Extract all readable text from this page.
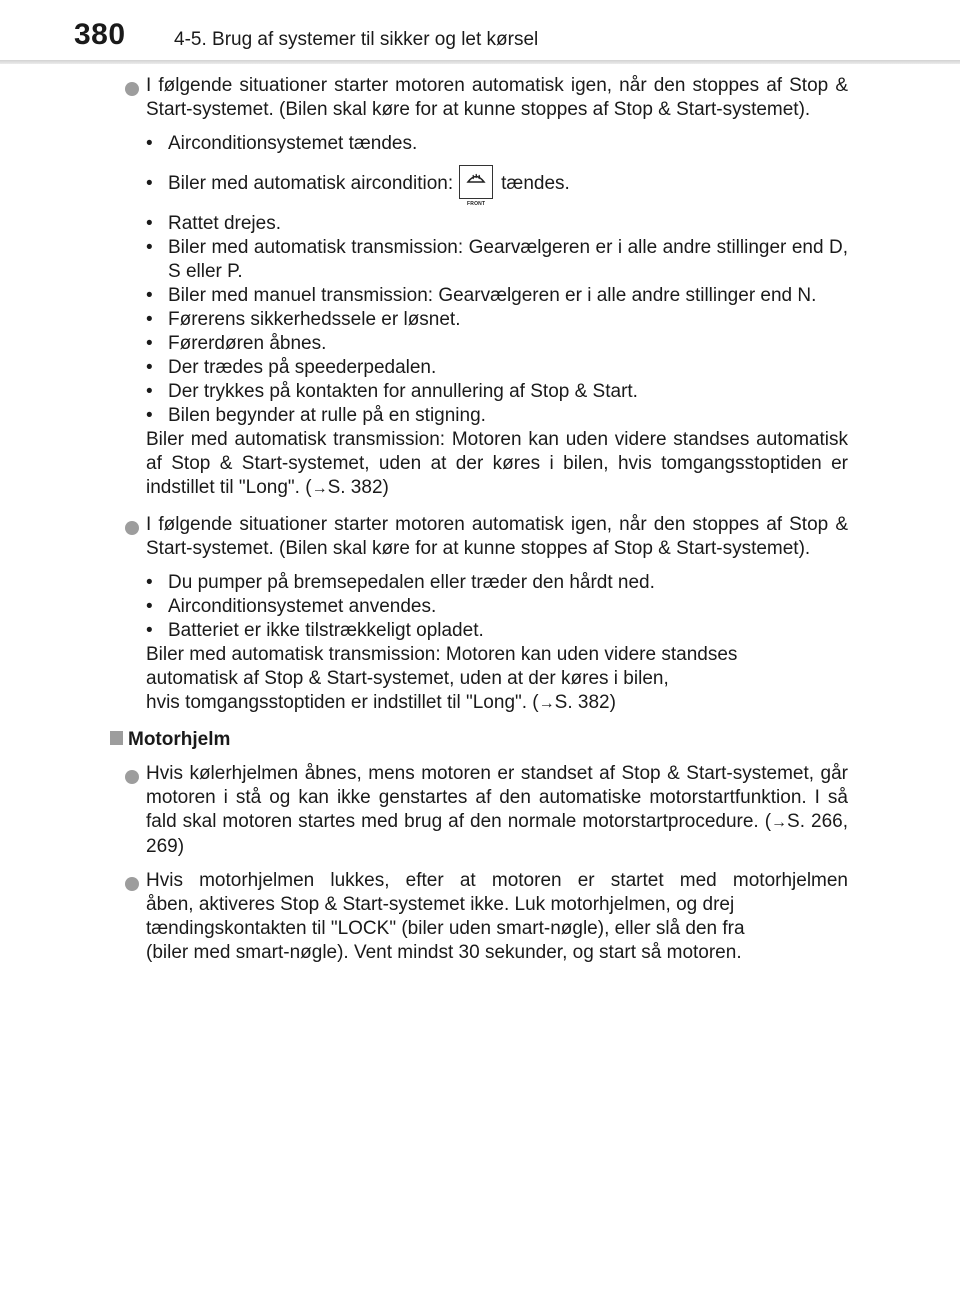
380	4-5. Brug af systemer til sikker og let kørsel
I følgende situationer starter motoren automatisk igen, når den stoppes af Stop & Start-systemet. (Bilen skal køre for at kunne stoppes af Stop & Start-systemet).
• Airconditionsystemet tændes.
• Biler med automatisk aircondition:
FRONT
tændes.
• Rattet drejes.
• Biler med automatisk transmission: Gearvælgeren er i alle andre stillinger end D, S eller P.
• Biler med manuel transmission: Gearvælgeren er i alle andre stillinger end N.
• Førerens sikkerhedssele er løsnet.
• Førerdøren åbnes.
• Der trædes på speederpedalen.
• Der trykkes på kontakten for annullering af Stop & Start.
• Bilen begynder at rulle på en stigning.
Biler med automatisk transmission: Motoren kan uden videre standses automatisk af Stop & Start-systemet, uden at der køres i bilen, hvis tomgangsstoptiden er indstillet til "Long". (→S. 382)
I følgende situationer starter motoren automatisk igen, når den stoppes af Stop & Start-systemet. (Bilen skal køre for at kunne stoppes af Stop & Start-systemet).
• Du pumper på bremsepedalen eller træder den hårdt ned.
• Airconditionsystemet anvendes.
• Batteriet er ikke tilstrækkeligt opladet.
Biler med automatisk transmission: Motoren kan uden videre standses
automatisk af Stop & Start-systemet, uden at der køres i bilen,
hvis tomgangsstoptiden er indstillet til "Long". (→S. 382)
Motorhjelm
Hvis kølerhjelmen åbnes, mens motoren er standset af Stop & Start-systemet, går motoren i stå og kan ikke genstartes af den automatiske motorstartfunktion. I så fald skal motoren startes med brug af den normale motorstartprocedure. (→S. 266, 269)
Hvis motorhjelmen lukkes, efter at motoren er startet med motorhjelmen
åben, aktiveres Stop & Start-systemet ikke. Luk motorhjelmen, og drej
tændingskontakten til "LOCK" (biler uden smart-nøgle), eller slå den fra
(biler med smart-nøgle). Vent mindst 30 sekunder, og start så motoren.
